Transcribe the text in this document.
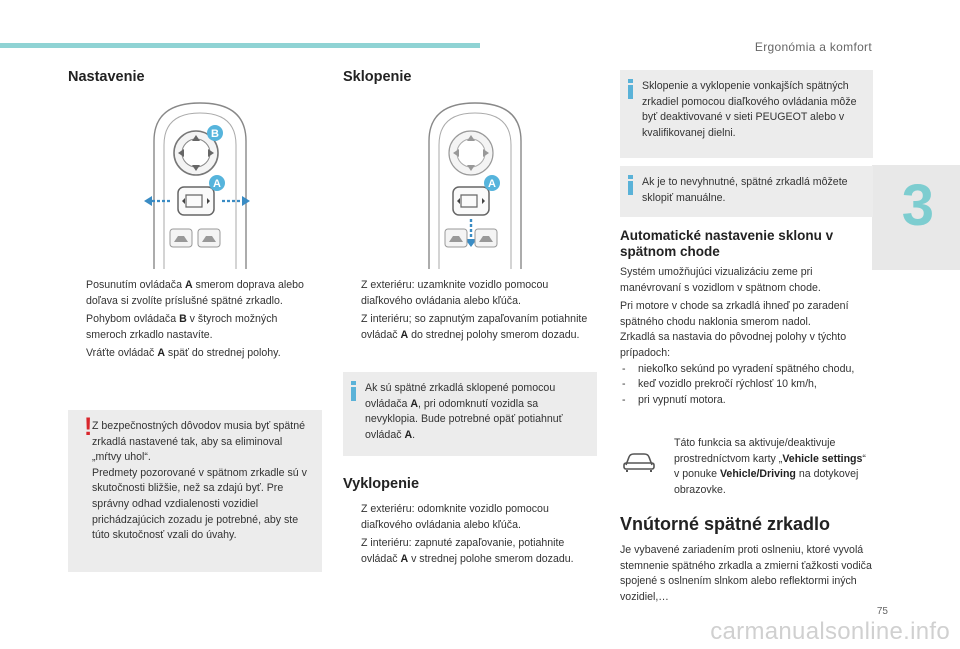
Ergonómia a komfort
3
Nastavenie
B
A

Posunutím ovládača A smerom doprava alebo doľava si zvolíte príslušné spätné zrkadlo.

Pohybom ovládača B v štyroch možných smeroch zrkadlo nastavíte.

Vráťte ovládač A späť do strednej polohy.

! Z bezpečnostných dôvodov musia byť spätné zrkadlá nastavené tak, aby sa eliminoval „mŕtvy uhol“.
Predmety pozorované v spätnom zrkadle sú v skutočnosti bližšie, než sa zdajú byť. Pre správny odhad vzdialenosti vozidiel prichádzajúcich zozadu je potrebné, aby ste túto skutočnosť vzali do úvahy.
Sklopenie
A

Z exteriéru: uzamknite vozidlo pomocou diaľkového ovládania alebo kľúča.

Z interiéru; so zapnutým zapaľovaním potiahnite ovládač A do strednej polohy smerom dozadu.

Ak sú spätné zrkadlá sklopené pomocou ovládača A, pri odomknutí vozidla sa nevyklopia. Bude potrebné opäť potiahnuť ovládač A.
Vyklopenie

Z exteriéru: odomknite vozidlo pomocou diaľkového ovládania alebo kľúča.

Z interiéru: zapnuté zapaľovanie, potiahnite ovládač A v strednej polohe smerom dozadu.

Sklopenie a vyklopenie vonkajších spätných zrkadiel pomocou diaľkového ovládania môže byť deaktivované v sieti PEUGEOT alebo v kvalifikovanej dielni.
Ak je to nevyhnutné, spätné zrkadlá môžete sklopiť manuálne.
Automatické nastavenie sklonu v spätnom chode

Systém umožňujúci vizualizáciu zeme pri manévrovaní s vozidlom v spätnom chode.

Pri motore v chode sa zrkadlá ihneď po zaradení spätného chodu naklonia smerom nadol.

Zrkadlá sa nastavia do pôvodnej polohy v týchto prípadoch:

- niekoľko sekúnd po vyradení spätného chodu,

- keď vozidlo prekročí rýchlosť 10 km/h,

- pri vypnutí motora.

Táto funkcia sa aktivuje/deaktivuje prostredníctvom karty „Vehicle settings“ v ponuke Vehicle/Driving na dotykovej obrazovke.
Vnútorné spätné zrkadlo
Je vybavené zariadením proti oslneniu, ktoré vyvolá stemnenie spätného zrkadla a zmierni ťažkosti vodiča spojené s oslnením slnkom alebo reflektormi iných vozidiel,…
75
carmanualsonline.info
